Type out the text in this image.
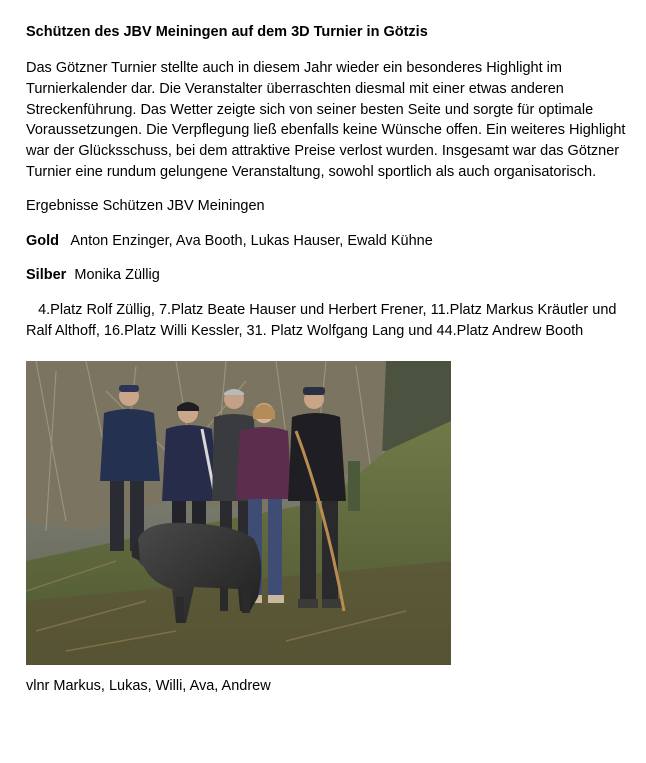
Schützen des JBV Meiningen auf dem 3D Turnier in Götzis

Das Götzner Turnier stellte auch in diesem Jahr wieder ein besonderes Highlight im Turnierkalender dar. Die Veranstalter überraschten diesmal mit einer etwas anderen Streckenführung. Das Wetter zeigte sich von seiner besten Seite und sorgte für optimale Voraussetzungen. Die Verpflegung ließ ebenfalls keine Wünsche offen. Ein weiteres Highlight war der Glücksschuss, bei dem attraktive Preise verlost wurden. Insgesamt war das Götzner Turnier eine rundum gelungene Veranstaltung, sowohl sportlich als auch organisatorisch.

Ergebnisse Schützen JBV Meiningen

Gold Anton Enzinger, Ava Booth, Lukas Hauser, Ewald Kühne

Silber Monika Züllig

4.Platz Rolf Züllig, 7.Platz Beate Hauser und Herbert Frener, 11.Platz Markus Kräutler und Ralf Althoff, 16.Platz Willi Kessler, 31. Platz Wolfgang Lang und 44.Platz Andrew Booth

vlnr Markus, Lukas, Willi, Ava, Andrew
